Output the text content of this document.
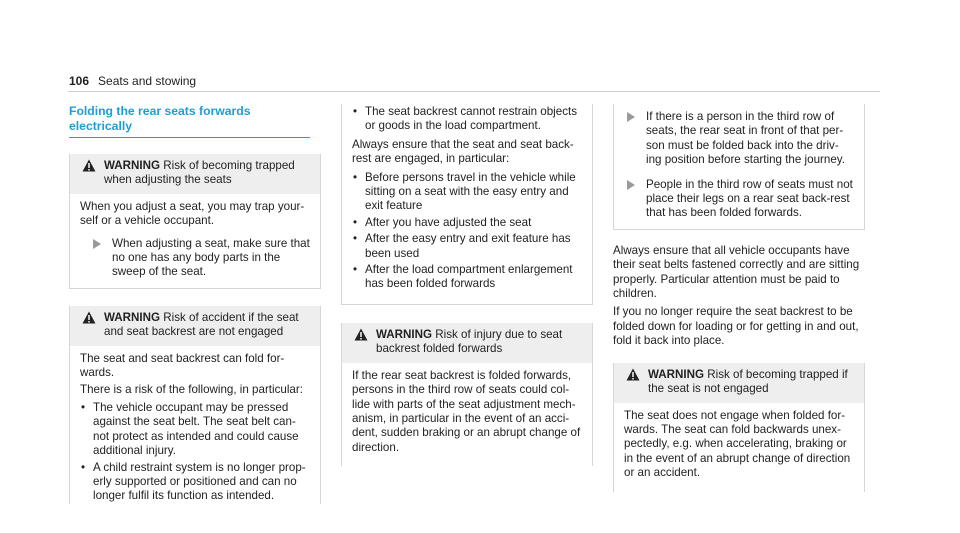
106 Seats and stowing
Folding the rear seats forwards electrically
WARNING Risk of becoming trapped when adjusting the seats

When you adjust a seat, you may trap your-self or a vehicle occupant.

When adjusting a seat, make sure that no one has any body parts in the sweep of the seat.
WARNING Risk of accident if the seat and seat backrest are not engaged

The seat and seat backrest can fold for-wards.

There is a risk of the following, in particular:

• The vehicle occupant may be pressed against the seat belt. The seat belt can-not protect as intended and could cause additional injury.
• A child restraint system is no longer prop-erly supported or positioned and can no longer fulfil its function as intended.
• The seat backrest cannot restrain objects or goods in the load compartment.

Always ensure that the seat and seat back-rest are engaged, in particular:

• Before persons travel in the vehicle while sitting on a seat with the easy entry and exit feature
• After you have adjusted the seat
• After the easy entry and exit feature has been used
• After the load compartment enlargement has been folded forwards
WARNING Risk of injury due to seat backrest folded forwards

If the rear seat backrest is folded forwards, persons in the third row of seats could col-lide with parts of the seat adjustment mech-anism, in particular in the event of an acci-dent, sudden braking or an abrupt change of direction.

If there is a person in the third row of seats, the rear seat in front of that per-son must be folded back into the driv-ing position before starting the journey.
People in the third row of seats must not place their legs on a rear seat back-rest that has been folded forwards.

Always ensure that all vehicle occupants have their seat belts fastened correctly and are sitting properly. Particular attention must be paid to children.

If you no longer require the seat backrest to be folded down for loading or for getting in and out, fold it back into place.

WARNING Risk of becoming trapped if the seat is not engaged

The seat does not engage when folded for-wards. The seat can fold backwards unex-pectedly, e.g. when accelerating, braking or in the event of an abrupt change of direction or an accident.
